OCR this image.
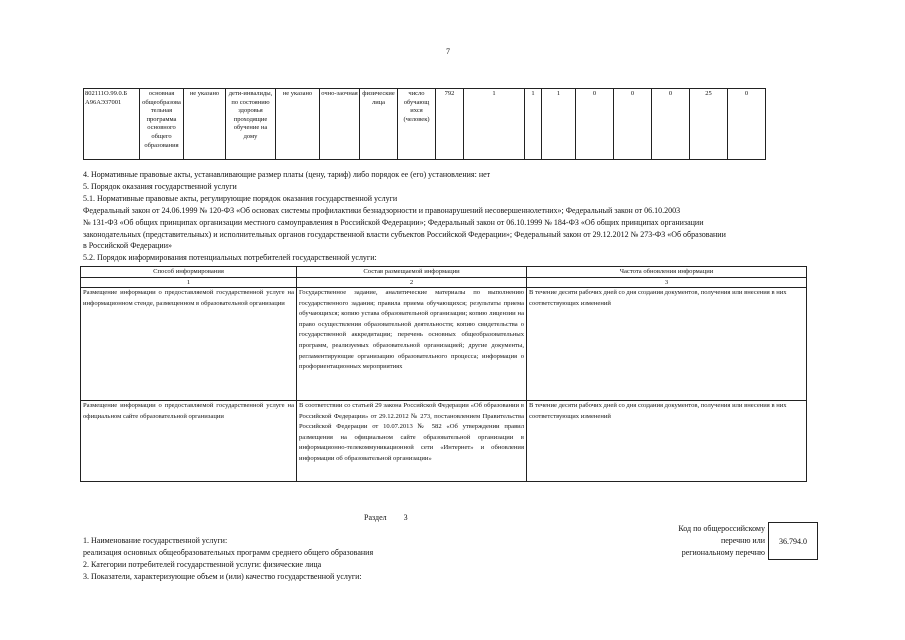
7
802111О.99.0.Б А96АЭ37001	основная общеобразова тельная программа основного общего образования	не указано	дети-инвалиды, по состоянию здоровья проходящие обучение на дому	не указано	очно-заочная	физические лица	число обучающ ихся (человек)	792	1	1	1	0	0	0	25	0
4. Нормативные правовые акты, устанавливающие размер платы (цену, тариф) либо порядок ее (его) установления: нет
5. Порядок оказания государственной услуги
5.1. Нормативные правовые акты, регулирующие порядок оказания государственной услуги
Федеральный закон от 24.06.1999 № 120-ФЗ «Об основах системы профилактики безнадзорности и правонарушений несовершеннолетних»; Федеральный закон от 06.10.2003
№ 131-ФЗ «Об общих принципах организации местного самоуправления в Российской Федерации»; Федеральный закон от 06.10.1999 № 184-ФЗ «Об общих принципах организации
законодательных (представительных) и исполнительных органов государственной власти субъектов Российской Федерации»; Федеральный закон от 29.12.2012 № 273-ФЗ «Об образовании
в Российской Федерации»
5.2. Порядок информирования потенциальных потребителей государственной услуги:
Способ информирования	Состав размещаемой информации	Частота обновления информации
1	2	3
Размещение информации о предоставляемой государственной услуге на информационном стенде, размещенном в образовательной организации	Государственное задание, аналитические материалы по выполнению государственного задания; правила приема обучающихся; результаты приема обучающихся; копию устава образовательной организации; копию лицензии на право осуществления образовательной деятельности; копию свидетельства о государственной аккредитации; перечень основных общеобразовательных программ, реализуемых образовательной организацией; другие документы, регламентирующие организацию образовательного процесса; информация о профориентационных мероприятиях	В течение десяти рабочих дней со дня создания документов, получения или внесения в них соответствующих изменений
Размещение информации о предоставляемой государственной услуге на официальном сайте образовательной организации	В соответствии со статьей 29 закона Российской Федерации «Об образовании в Российской Федерации» от 29.12.2012 № 273, постановлением Правительства Российской Федерации от 10.07.2013 № 582 «Об утверждении правил размещения на официальном сайте образовательной организации в информационно-телекоммуникационной сети «Интернет» и обновления информации об образовательной организации»	В течение десяти рабочих дней со дня создания документов, получения или внесения в них соответствующих изменений
Раздел 3
1. Наименование государственной услуги:
реализация основных общеобразовательных программ среднего общего образования
2. Категории потребителей государственной услуги: физические лица
3. Показатели, характеризующие объем и (или) качество государственной услуги:
Код по общероссийскому
перечню или
региональному перечню
36.794.0
